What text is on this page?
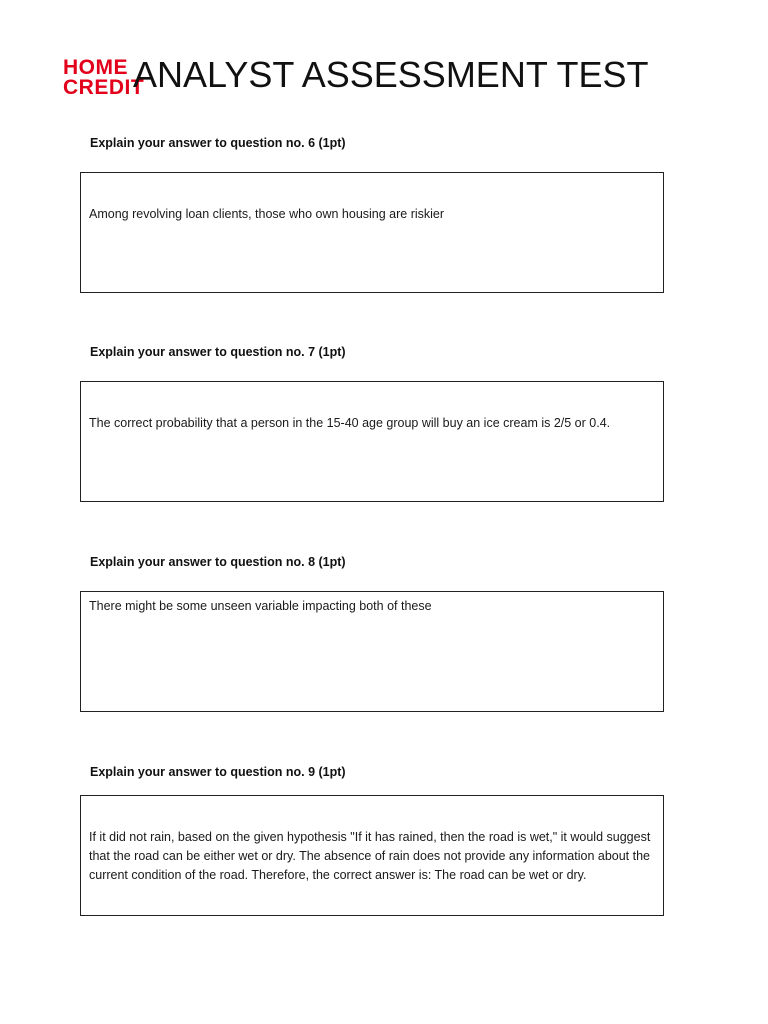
HOME
CREDIT
ANALYST ASSESSMENT TEST
Explain your answer to question no. 6 (1pt)
Among revolving loan clients, those who own housing are riskier
Explain your answer to question no. 7 (1pt)
The correct probability that a person in the 15-40 age group will buy an ice cream is 2/5 or 0.4.
Explain your answer to question no. 8 (1pt)
There might be some unseen variable impacting both of these
Explain your answer to question no. 9 (1pt)
If it did not rain, based on the given hypothesis "If it has rained, then the road is wet," it would suggest that the road can be either wet or dry. The absence of rain does not provide any information about the current condition of the road. Therefore, the correct answer is: The road can be wet or dry.
